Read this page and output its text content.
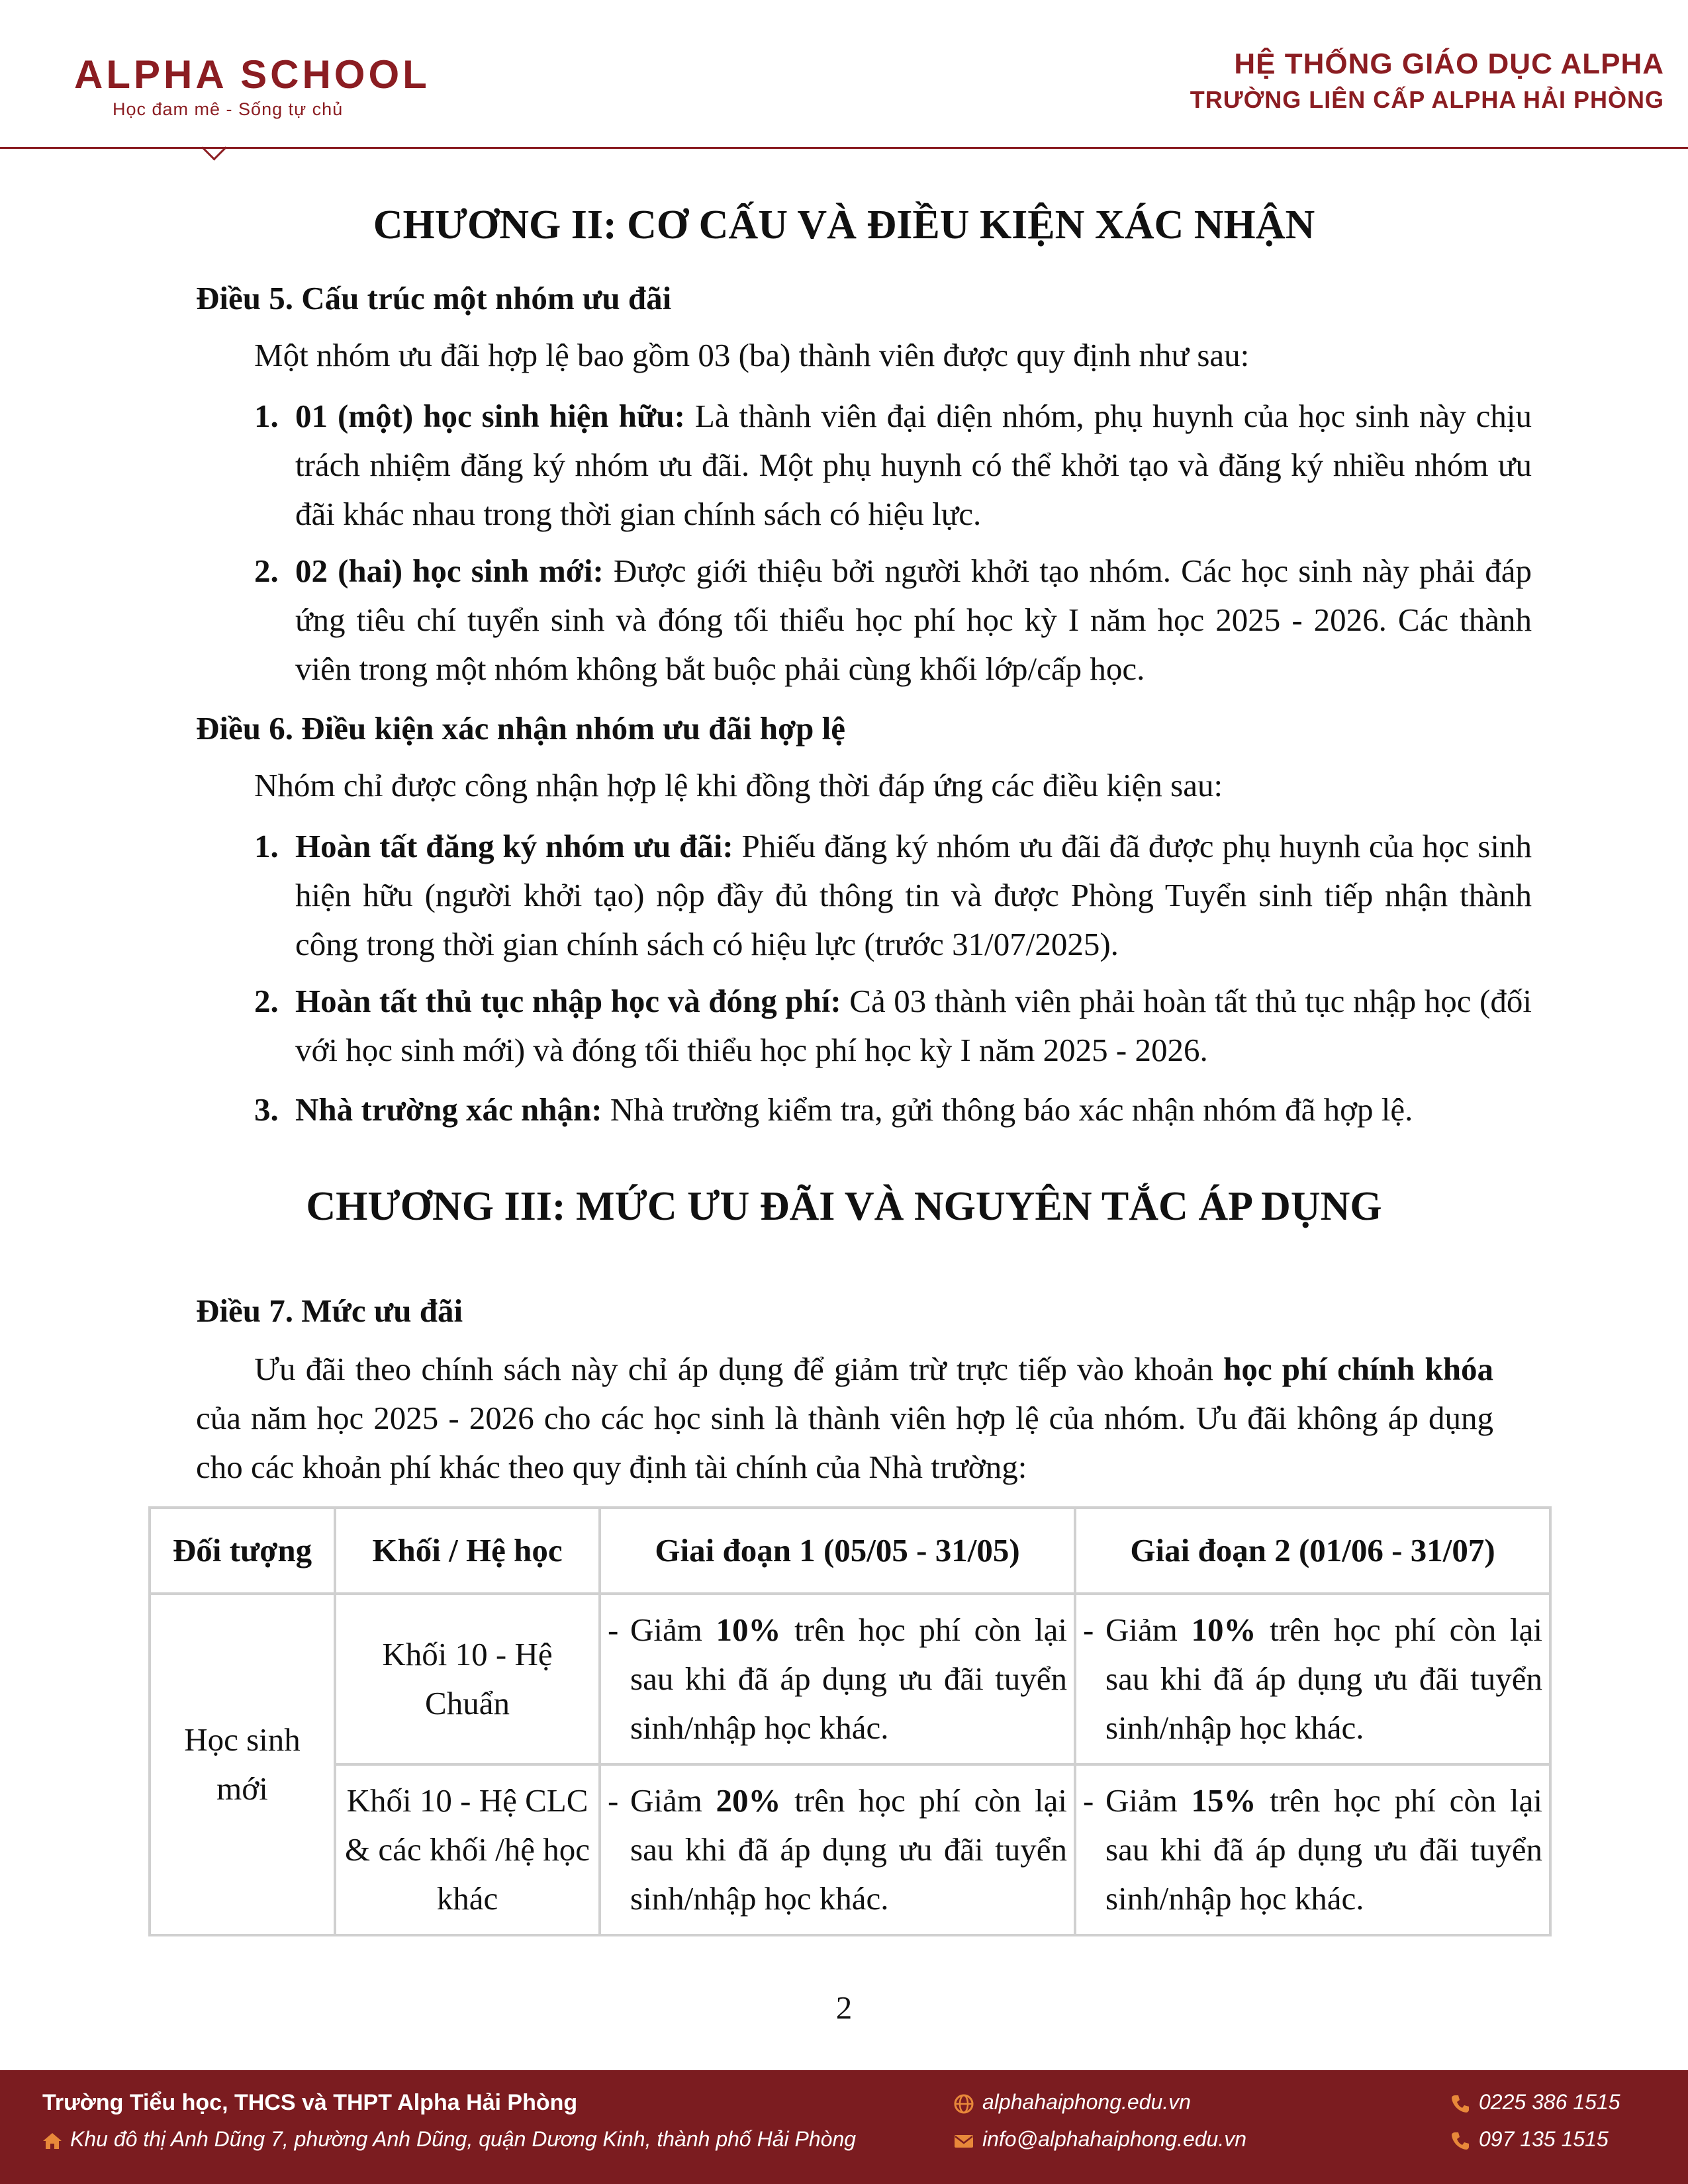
ALPHA SCHOOL
Học đam mê - Sống tự chủ
HỆ THỐNG GIÁO DỤC ALPHA
TRƯỜNG LIÊN CẤP ALPHA HẢI PHÒNG
CHƯƠNG II: CƠ CẤU VÀ ĐIỀU KIỆN XÁC NHẬN
Điều 5. Cấu trúc một nhóm ưu đãi
Một nhóm ưu đãi hợp lệ bao gồm 03 (ba) thành viên được quy định như sau:
1. 01 (một) học sinh hiện hữu: Là thành viên đại diện nhóm, phụ huynh của học sinh này chịu trách nhiệm đăng ký nhóm ưu đãi. Một phụ huynh có thể khởi tạo và đăng ký nhiều nhóm ưu đãi khác nhau trong thời gian chính sách có hiệu lực.
2. 02 (hai) học sinh mới: Được giới thiệu bởi người khởi tạo nhóm. Các học sinh này phải đáp ứng tiêu chí tuyển sinh và đóng tối thiểu học phí học kỳ I năm học 2025 - 2026. Các thành viên trong một nhóm không bắt buộc phải cùng khối lớp/cấp học.
Điều 6. Điều kiện xác nhận nhóm ưu đãi hợp lệ
Nhóm chỉ được công nhận hợp lệ khi đồng thời đáp ứng các điều kiện sau:
1. Hoàn tất đăng ký nhóm ưu đãi: Phiếu đăng ký nhóm ưu đãi đã được phụ huynh của học sinh hiện hữu (người khởi tạo) nộp đầy đủ thông tin và được Phòng Tuyển sinh tiếp nhận thành công trong thời gian chính sách có hiệu lực (trước 31/07/2025).
2. Hoàn tất thủ tục nhập học và đóng phí: Cả 03 thành viên phải hoàn tất thủ tục nhập học (đối với học sinh mới) và đóng tối thiểu học phí học kỳ I năm 2025 - 2026.
3. Nhà trường xác nhận: Nhà trường kiểm tra, gửi thông báo xác nhận nhóm đã hợp lệ.
CHƯƠNG III: MỨC ƯU ĐÃI VÀ NGUYÊN TẮC ÁP DỤNG
Điều 7. Mức ưu đãi
Ưu đãi theo chính sách này chỉ áp dụng để giảm trừ trực tiếp vào khoản học phí chính khóa của năm học 2025 - 2026 cho các học sinh là thành viên hợp lệ của nhóm. Ưu đãi không áp dụng cho các khoản phí khác theo quy định tài chính của Nhà trường:
Đối tượng	Khối / Hệ học	Giai đoạn 1 (05/05 - 31/05)	Giai đoạn 2 (01/06 - 31/07)
Học sinh mới	Khối 10 - Hệ Chuẩn	- Giảm 10% trên học phí còn lại sau khi đã áp dụng ưu đãi tuyển sinh/nhập học khác.	- Giảm 10% trên học phí còn lại sau khi đã áp dụng ưu đãi tuyển sinh/nhập học khác.

	Khối 10 - Hệ CLC & các khối /hệ học khác	- Giảm 20% trên học phí còn lại sau khi đã áp dụng ưu đãi tuyển sinh/nhập học khác.	- Giảm 15% trên học phí còn lại sau khi đã áp dụng ưu đãi tuyển sinh/nhập học khác.
2
Trường Tiểu học, THCS và THPT Alpha Hải Phòng
Khu đô thị Anh Dũng 7, phường Anh Dũng, quận Dương Kinh, thành phố Hải Phòng
alphahaiphong.edu.vn
info@alphahaiphong.edu.vn
0225 386 1515
097 135 1515
